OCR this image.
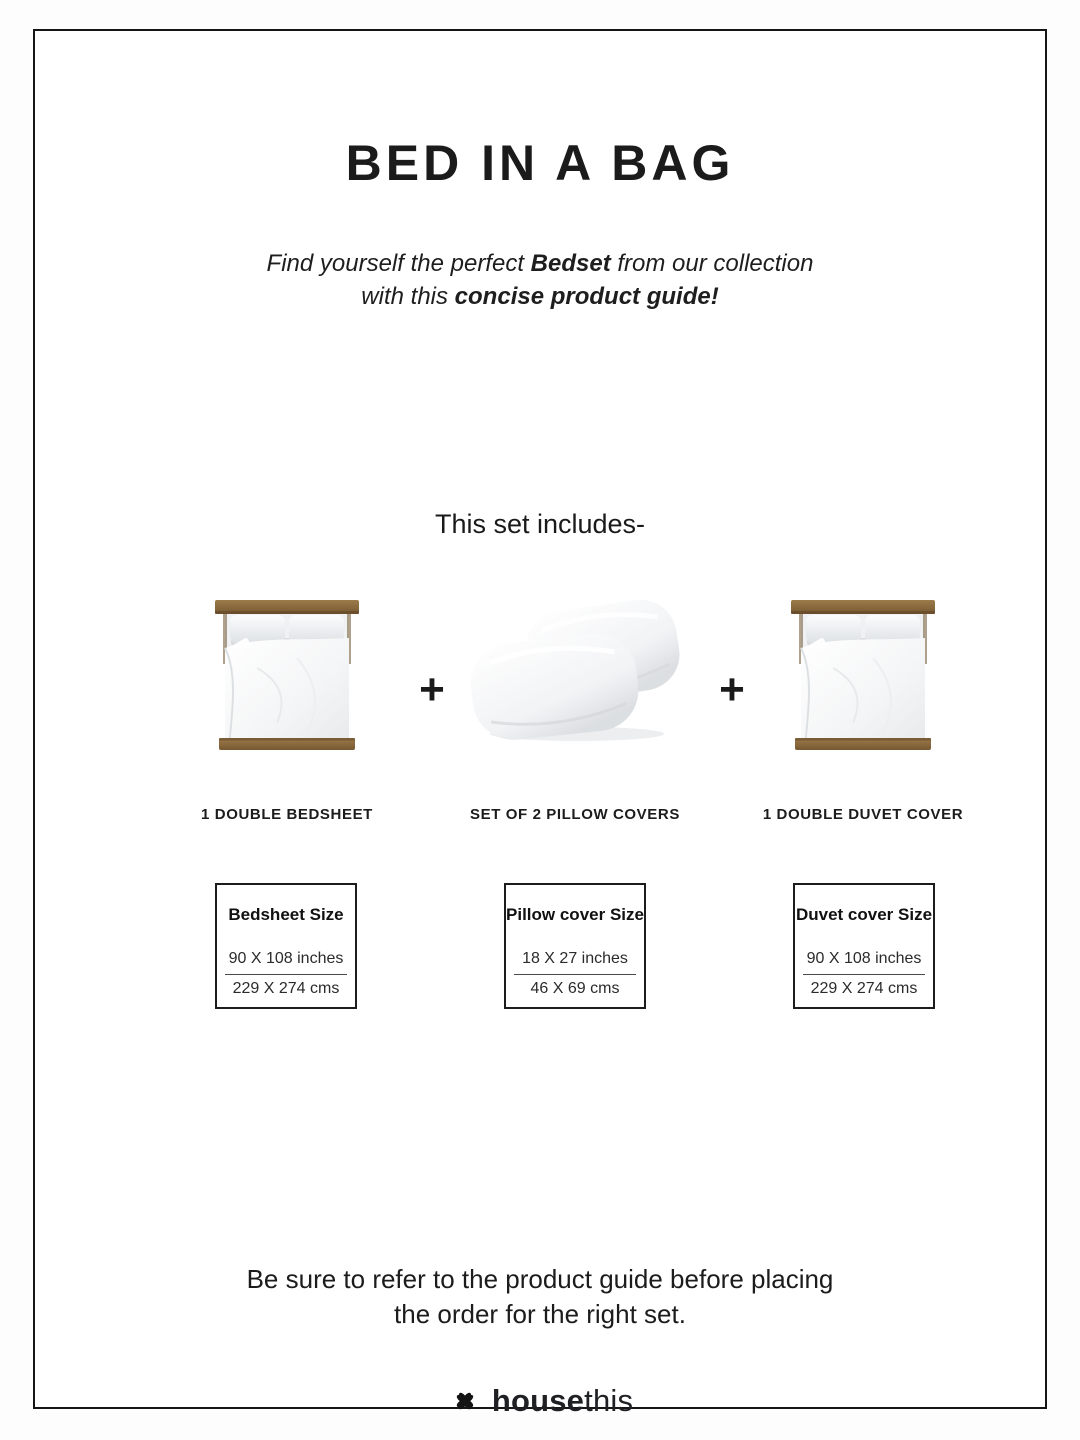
BED IN A BAG
Find yourself the perfect Bedset from our collection
with this concise product guide!
This set includes-
+	+
1 DOUBLE BEDSHEET	SET OF 2 PILLOW COVERS	1 DOUBLE DUVET COVER
Bedsheet Size
90 X 108 inches
229 X 274 cms
Pillow cover Size
18 X 27 inches
46 X 69 cms
Duvet cover Size
90 X 108 inches
229 X 274 cms
Be sure to refer to the product guide before placing
the order for the right set.
housethis
